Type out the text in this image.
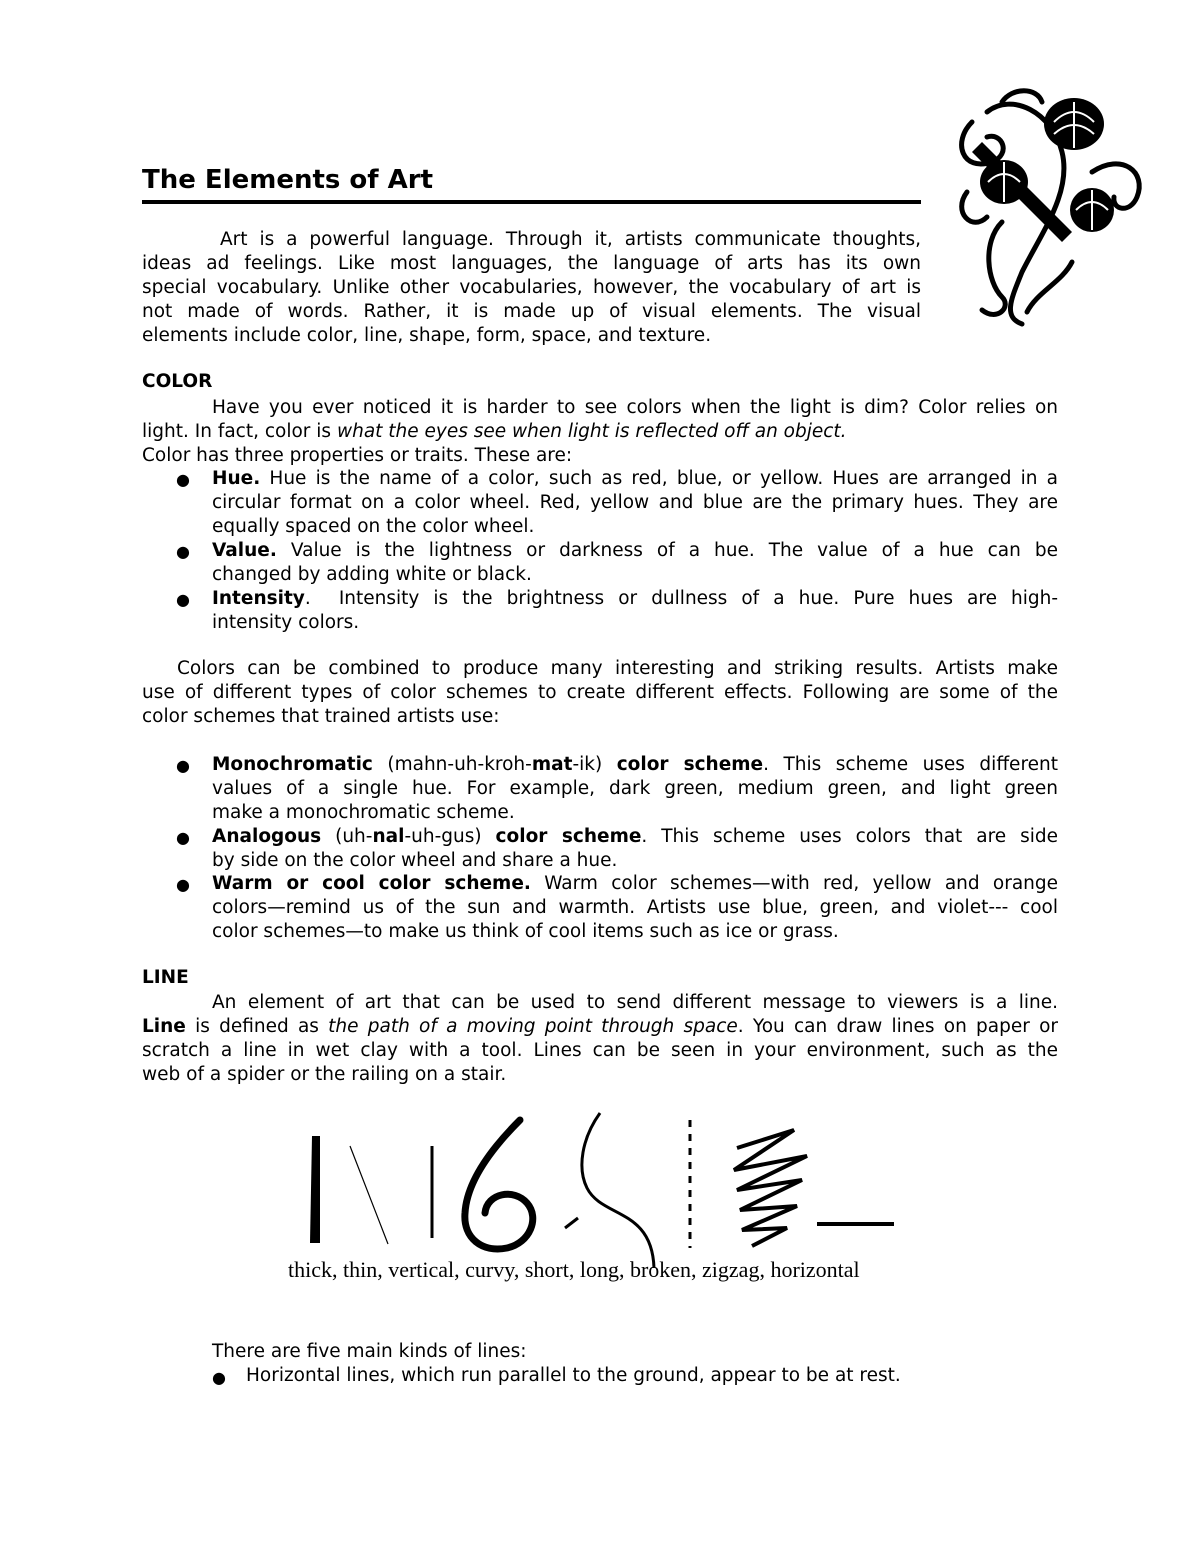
The Elements of Art
Art is a powerful language. Through it, artists communicate thoughts,
ideas ad feelings. Like most languages, the language of arts has its own
special vocabulary. Unlike other vocabularies, however, the vocabulary of art is
not made of words. Rather, it is made up of visual elements. The visual
elements include color, line, shape, form, space, and texture.
COLOR
Have you ever noticed it is harder to see colors when the light is dim? Color relies on
light. In fact, color is what the eyes see when light is reflected off an object.
Color has three properties or traits. These are:
● Hue. Hue is the name of a color, such as red, blue, or yellow. Hues are arranged in a
circular format on a color wheel. Red, yellow and blue are the primary hues. They are
equally spaced on the color wheel.
● Value. Value is the lightness or darkness of a hue. The value of a hue can be
changed by adding white or black.
● Intensity.  Intensity is the brightness or dullness of a hue. Pure hues are high-
intensity colors.
Colors can be combined to produce many interesting and striking results. Artists make
use of different types of color schemes to create different effects. Following are some of the
color schemes that trained artists use:
● Monochromatic (mahn-uh-kroh-mat-ik) color scheme. This scheme uses different
values of a single hue. For example, dark green, medium green, and light green
make a monochromatic scheme.
● Analogous (uh-nal-uh-gus) color scheme. This scheme uses colors that are side
by side on the color wheel and share a hue.
● Warm or cool color scheme. Warm color schemes—with red, yellow and orange
colors—remind us of the sun and warmth. Artists use blue, green, and violet--- cool
color schemes—to make us think of cool items such as ice or grass.
LINE
An element of art that can be used to send different message to viewers is a line.
Line is defined as the path of a moving point through space. You can draw lines on paper or
scratch a line in wet clay with a tool. Lines can be seen in your environment, such as the
web of a spider or the railing on a stair.
thick, thin, vertical, curvy, short, long, broken, zigzag, horizontal
There are five main kinds of lines:
● Horizontal lines, which run parallel to the ground, appear to be at rest.
